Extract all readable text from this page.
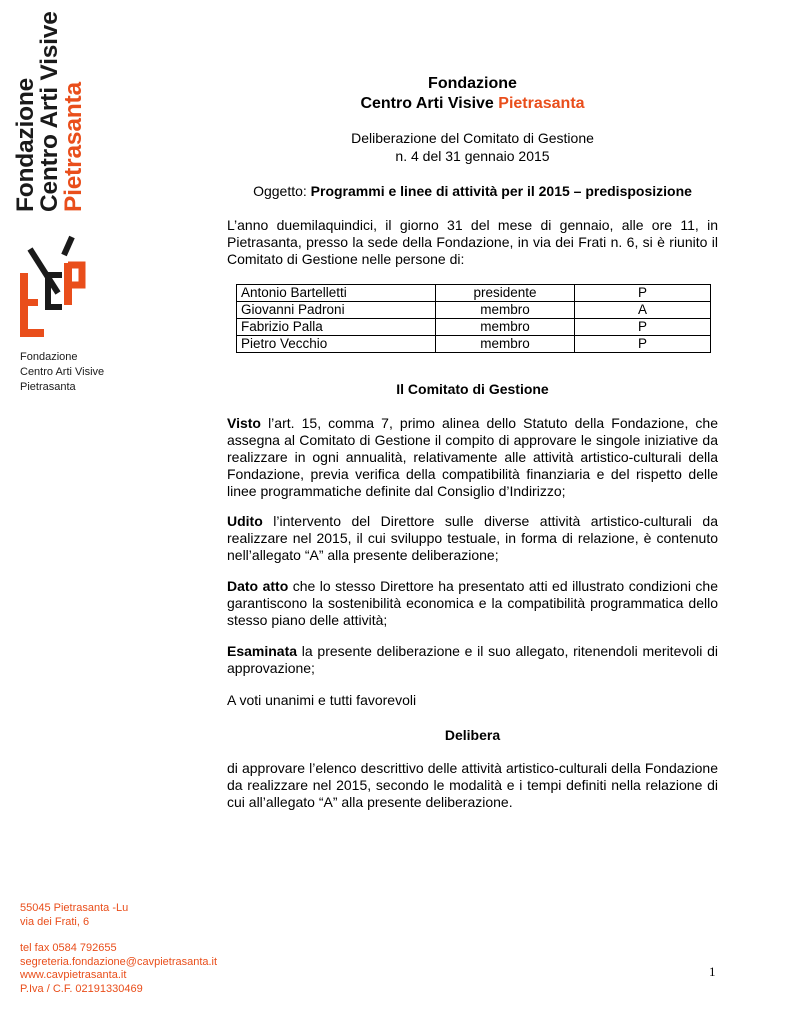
Fondazione
Centro Arti Visive
Pietrasanta
Fondazione
Centro Arti Visive
Pietrasanta
55045 Pietrasanta -Lu
via dei Frati, 6
tel fax 0584 792655
segreteria.fondazione@cavpietrasanta.it
www.cavpietrasanta.it
P.Iva / C.F. 02191330469
Fondazione
Centro Arti Visive Pietrasanta
Deliberazione del Comitato di Gestione
n. 4 del 31 gennaio 2015
Oggetto: Programmi e linee di attività per il 2015 – predisposizione
L’anno duemilaquindici, il giorno 31 del mese di gennaio, alle ore 11, in Pietrasanta, presso la sede della Fondazione, in via dei Frati n. 6, si è riunito il Comitato di Gestione nelle persone di:
Antonio Bartelletti	presidente	P
Giovanni Padroni	membro	A
Fabrizio Palla	membro	P
Pietro Vecchio	membro	P
Il Comitato di Gestione
Visto l’art. 15, comma 7, primo alinea dello Statuto della Fondazione, che assegna al Comitato di Gestione il compito di approvare le singole iniziative da realizzare in ogni annualità, relativamente alle attività artistico-culturali della Fondazione, previa verifica della compatibilità finanziaria e del rispetto delle linee programmatiche definite dal Consiglio d’Indirizzo;
Udito l’intervento del Direttore sulle diverse attività artistico-culturali da realizzare nel 2015, il cui sviluppo testuale, in forma di relazione, è contenuto nell’allegato “A” alla presente deliberazione;
Dato atto che lo stesso Direttore ha presentato atti ed illustrato condizioni che garantiscono la sostenibilità economica e la compatibilità programmatica dello stesso piano delle attività;
Esaminata la presente deliberazione e il suo allegato, ritenendoli meritevoli di approvazione;
A voti unanimi e tutti favorevoli
Delibera
di approvare l’elenco descrittivo delle attività artistico-culturali della Fondazione da realizzare nel 2015, secondo le modalità e i tempi definiti nella relazione di cui all’allegato “A” alla presente deliberazione.
1
